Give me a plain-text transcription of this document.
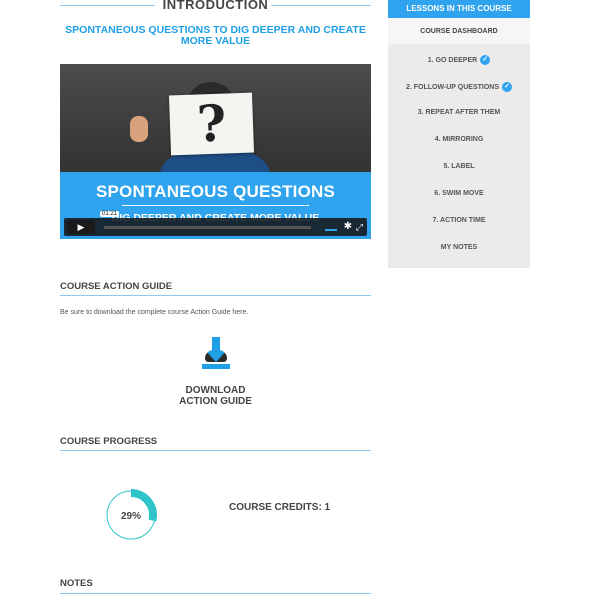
INTRODUCTION
SPONTANEOUS QUESTIONS TO DIG DEEPER AND CREATE MORE VALUE
?
SPONTANEOUS QUESTIONS
▶
01:21
✱ ⤢
COURSE ACTION GUIDE
Be sure to download the complete course Action Guide here.
DOWNLOAD
ACTION GUIDE
COURSE PROGRESS
29%
COURSE CREDITS: 1
NOTES
LESSONS IN THIS COURSE
COURSE DASHBOARD
1. GO DEEPER ✓
2. FOLLOW-UP QUESTIONS ✓
3. REPEAT AFTER THEM
4. MIRRORING
5. LABEL
6. SWIM MOVE
7. ACTION TIME
MY NOTES
